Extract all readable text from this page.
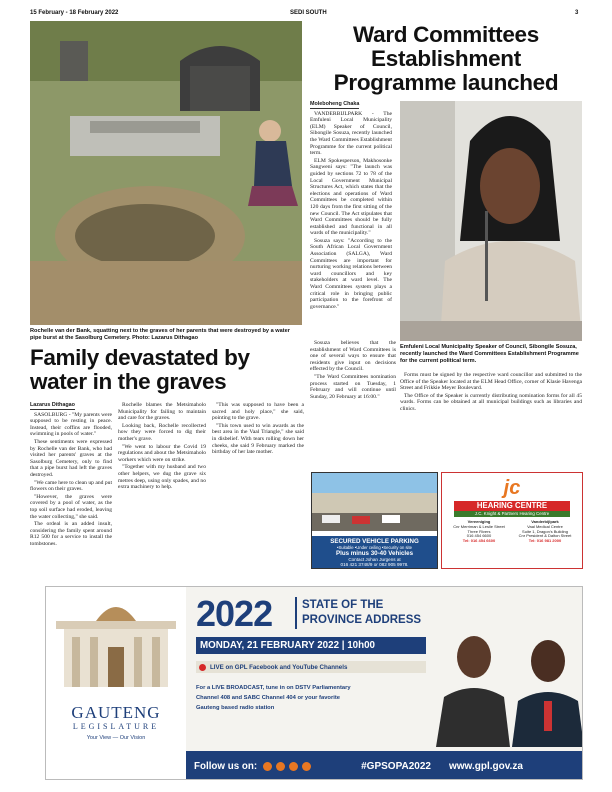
15 February - 18 February 2022	SEDI SOUTH	3
Rochelle van der Bank, squatting next to the graves of her parents that were destroyed by a water pipe burst at the Sasolburg Cemetery. Photo: Lazarus Dithagao
Family devastated by water in the graves
Lazarus Dithagao

SASOLBURG - "My parents were supposed to be resting in peace. Instead, their coffins are flooded, swimming in pools of water."

These sentiments were expressed by Rochelle van der Bank, who had visited her parents' graves at the Sasolburg Cemetery, only to find that a pipe burst had left the graves destroyed.

"We came here to clean up and put flowers on their graves.

"However, the graves were covered by a pool of water, as the top soil surface had eroded, leaving the water collecting," she said.

The ordeal is an added insult, considering the family spent around R12 500 for a service to install the tombstones.

Rochelle blames the Metsimaholo Municipality for failing to maintain and care for the graves.

Looking back, Rochelle recollected how they were forced to dig their mother's grave.

"We went to labour the Covid 19 regulations and about the Metsimaholo workers which were on strike.

"Together with my husband and two other helpers, we dug the grave six metres deep, using only spades, and no extra machinery to help.

"This was supposed to have been a sacred and holy place," she said, pointing to the grave.

"This town used to win awards as the best area in the Vaal Triangle," she said in disbelief. With tears rolling down her cheeks, she said 9 February marked the birthday of her late mother.

Ward Committees Establishment Programme launched
Moleboheng Chaka

VANDERBIJLPARK - The Emfuleni Local Municipality (ELM) Speaker of Council, Sibongile Sosuza, recently launched the Ward Committees Establishment Programme for the current political term.

ELM Spokesperson, Makhosonke Sangweni says: "The launch was guided by sections 72 to 78 of the Local Government Municipal Structures Act, which states that the elections and operations of Ward Committees be completed within 120 days from the first sitting of the new Council. The Act stipulates that Ward Committees should be fully established and functional in all wards of the municipality."

Sosuza says: "According to the South African Local Government Association (SALGA), Ward Committees are important for nurturing working relations between ward councillors and key stakeholders at ward level. The Ward Committees system plays a critical role in bringing public participation to the forefront of governance."

Emfuleni Local Municipality Speaker of Council, Sibongile Sosuza, recently launched the Ward Committees Establishment Programme for the current political term.

Sosuza believes that the establishment of Ward Committees is one of several ways to ensure that residents give input on decisions effected by the Council.

"The Ward Committees nomination process started on Tuesday, 1 February and will continue until Sunday, 20 February at 16:00."

Forms must be signed by the respective ward councillor and submitted to the Office of the Speaker located at the ELM Head Office, corner of Klasie Havenga Street and Frikkie Meyer Boulevard.

The Office of the Speaker is currently distributing nomination forms for all 45 wards. Forms can be obtained at all municipal buildings such as libraries and clinics.

SECURED VEHICLE PARKING
•Suitable •Under ceiling •Security on site
Plus minus 30-40 Vehicles
Contact Johan Jurgens at
016 421 3748/9 or 082 905 9978.
jc
HEARING CENTRE
J.C. Knight & Partners Hearing Centre
Vereeniging
Cnr Merriman & Leslie Street
Three Rivers
016 454 6600
Tel: 016 454 6600
Vanderbijlpark
Vaal Medical Centre
Suite 1, Dragon's Building
Cnr President & Dalton Street
Tel: 016 981 2000
GAUTENG
LEGISLATURE
Your View — Our Vision
2022	STATE OF THE
PROVINCE ADDRESS
MONDAY, 21 FEBRUARY 2022 | 10h00
LIVE on GPL Facebook and YouTube Channels
For a LIVE BROADCAST, tune in on DSTV Parliamentary
Channel 408 and SABC Channel 404 or your favorite
Gauteng based radio station
Follow us on:	#GPSOPA2022 www.gpl.gov.za
